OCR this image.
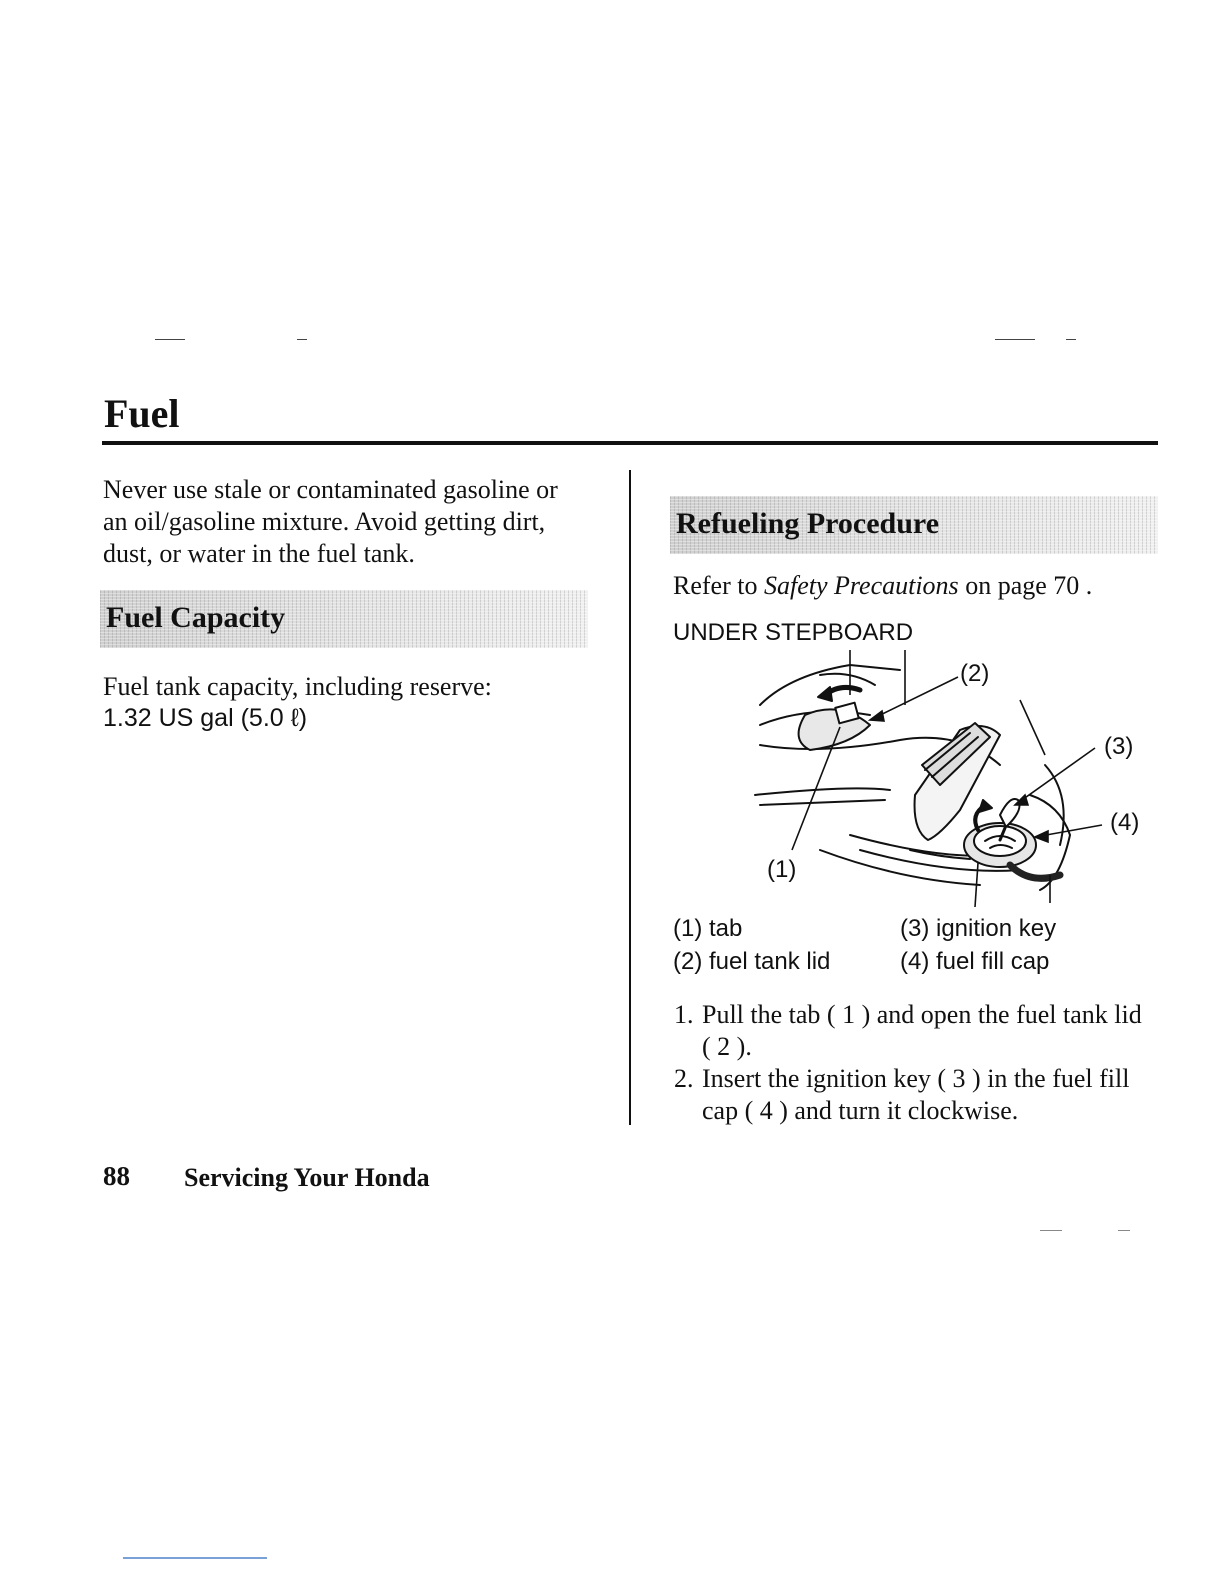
Fuel

Never use stale or contaminated gasoline or an oil/gasoline mixture. Avoid getting dirt, dust, or water in the fuel tank.

Fuel Capacity

Fuel tank capacity, including reserve:

1.32 US gal (5.0 ℓ)
Refueling Procedure

Refer to Safety Precautions on page 70 .

UNDER STEPBOARD
(2)
(3)
(4)
(1)
(1) tab
(2) fuel tank lid
(3) ignition key
(4) fuel fill cap
1. Pull the tab ( 1 ) and open the fuel tank lid ( 2 ).
2. Insert the ignition key ( 3 ) in the fuel fill cap ( 4 ) and turn it clockwise.
88 Servicing Your Honda
